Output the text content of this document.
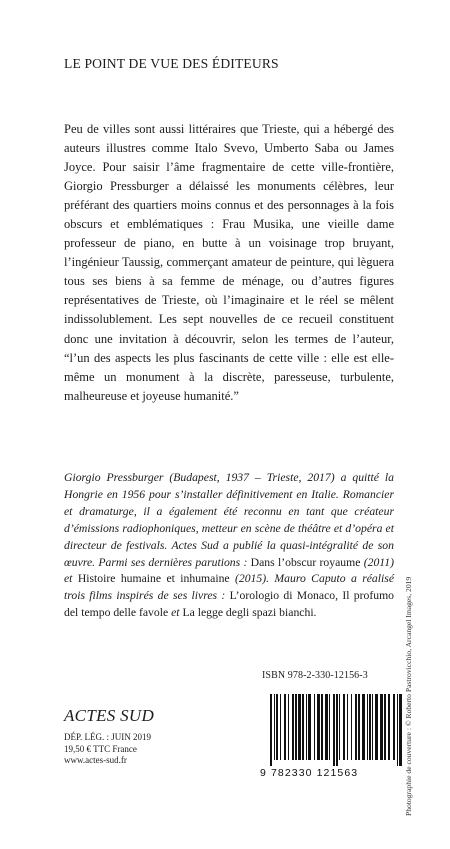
LE POINT DE VUE DES ÉDITEURS
Peu de villes sont aussi littéraires que Trieste, qui a hébergé des auteurs illustres comme Italo Svevo, Umberto Saba ou James Joyce. Pour saisir l’âme fragmentaire de cette ville-frontière, Giorgio Pressburger a délaissé les monuments célèbres, leur préférant des quartiers moins connus et des personnages à la fois obscurs et emblématiques : Frau Musika, une vieille dame professeur de piano, en butte à un voisinage trop bruyant, l’ingénieur Taussig, commerçant amateur de peinture, qui lèguera tous ses biens à sa femme de ménage, ou d’autres figures représentatives de Trieste, où l’imaginaire et le réel se mêlent indissolublement. Les sept nouvelles de ce recueil constituent donc une invitation à découvrir, selon les termes de l’auteur, “l’un des aspects les plus fascinants de cette ville : elle est elle-même un monument à la discrète, paresseuse, turbulente, malheureuse et joyeuse humanité.”
Giorgio Pressburger (Budapest, 1937 – Trieste, 2017) a quitté la Hongrie en 1956 pour s’installer définitivement en Italie. Romancier et dramaturge, il a également été reconnu en tant que créateur d’émissions radiophoniques, metteur en scène de théâtre et d’opéra et directeur de festivals. Actes Sud a publié la quasi-intégralité de son œuvre. Parmi ses dernières parutions : Dans l’obscur royaume (2011) et Histoire humaine et inhumaine (2015). Mauro Caputo a réalisé trois films inspirés de ses livres : L’orologio di Monaco, Il profumo del tempo delle favole et La legge degli spazi bianchi.	Photographie de couverture : © Roberto Pastrovicchio, Arcangel Images, 2019
ISBN 978-2-330-12156-3
9 782330 121563
ACTES SUD
DÉP. LÉG. : JUIN 2019
19,50 € TTC France
www.actes-sud.fr
